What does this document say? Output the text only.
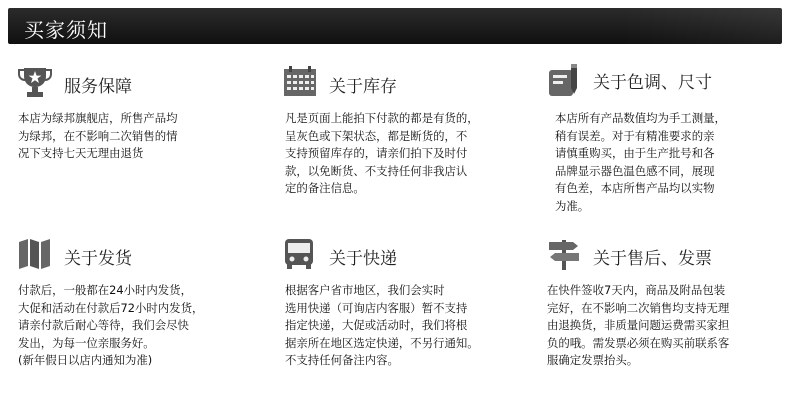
买家须知
服务保障
本店为绿邦旗舰店，所售产品均
为绿邦，在不影响二次销售的情
况下支持七天无理由退货
关于库存
凡是页面上能拍下付款的都是有货的，
呈灰色或下架状态，都是断货的，不
支持预留库存的，请亲们拍下及时付
款，以免断货、不支持任何非我店认
定的备注信息。
关于色调、尺寸
本店所有产品数值均为手工测量，
稍有误差。对于有精准要求的亲
请慎重购买，由于生产批号和各
品牌显示器色温色感不同，展现
有色差，本店所售产品均以实物
为准。
关于发货
付款后，一般都在24小时内发货，
大促和活动在付款后72小时内发货，
请亲付款后耐心等待，我们会尽快
发出，为每一位亲服务好。
(新年假日以店内通知为准)
关于快递
根据客户省市地区，我们会实时
选用快递（可询店内客服）暂不支持
指定快递，大促或活动时，我们将根
据亲所在地区选定快递，不另行通知。
不支持任何备注内容。
关于售后、发票
在快件签收7天内，商品及附品包装
完好，在不影响二次销售均支持无理
由退换货，非质量问题运费需买家担
负的哦。需发票必须在购买前联系客
服确定发票抬头。
